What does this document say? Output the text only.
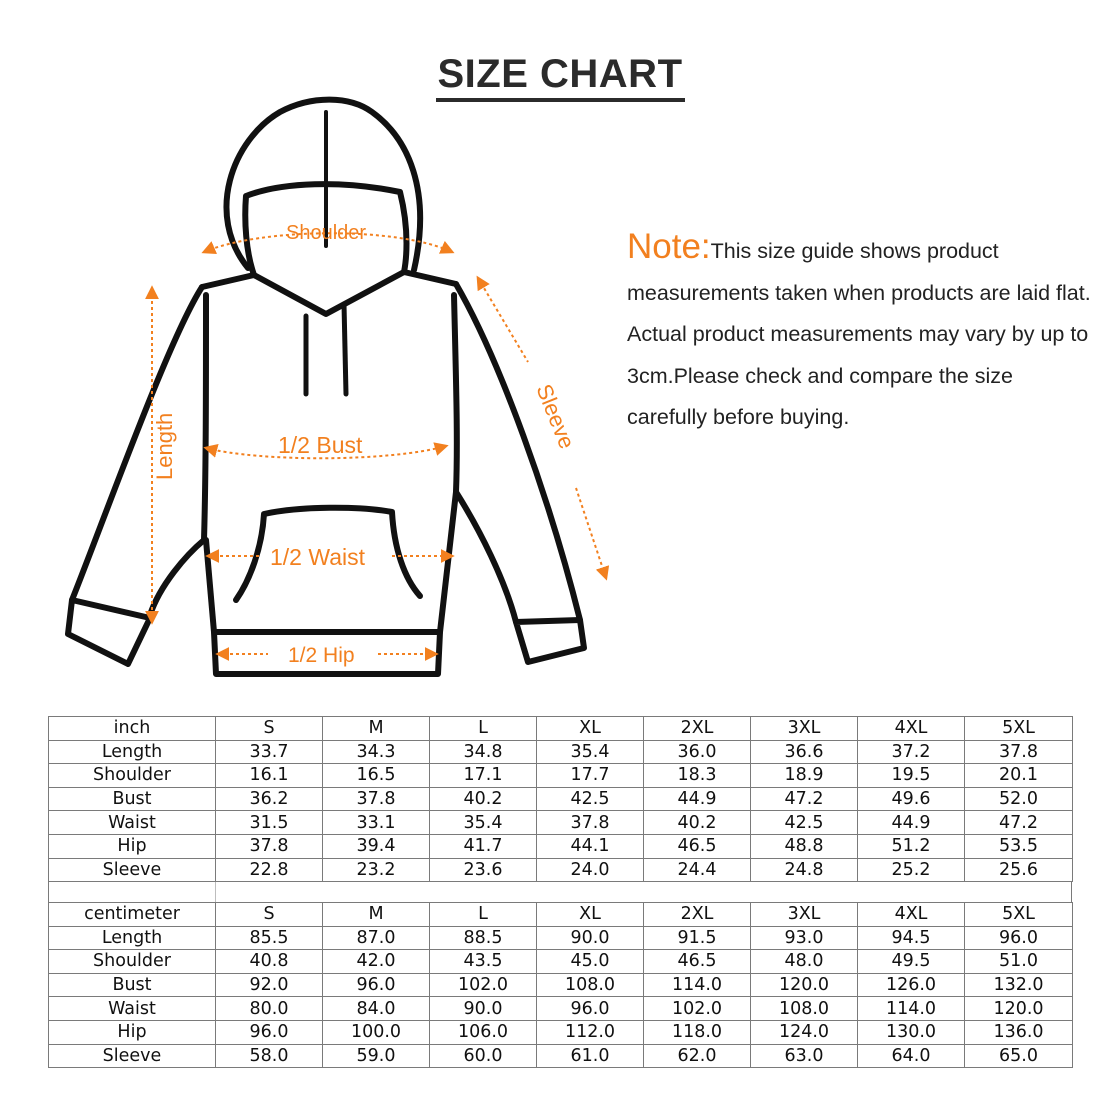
SIZE CHART
Shoulder
Length	Sleeve
1/2 Bust
1/2 Waist
1/2 Hip
Note:This size guide shows product measurements taken when products are laid flat. Actual product measurements may vary by up to 3cm.Please check and compare the size carefully before buying.
inch	S	M	L	XL	2XL	3XL	4XL	5XL
Length	33.7	34.3	34.8	35.4	36.0	36.6	37.2	37.8
Shoulder	16.1	16.5	17.1	17.7	18.3	18.9	19.5	20.1
Bust	36.2	37.8	40.2	42.5	44.9	47.2	49.6	52.0
Waist	31.5	33.1	35.4	37.8	40.2	42.5	44.9	47.2
Hip	37.8	39.4	41.7	44.1	46.5	48.8	51.2	53.5
Sleeve	22.8	23.2	23.6	24.0	24.4	24.8	25.2	25.6
centimeter	S	M	L	XL	2XL	3XL	4XL	5XL
Length	85.5	87.0	88.5	90.0	91.5	93.0	94.5	96.0
Shoulder	40.8	42.0	43.5	45.0	46.5	48.0	49.5	51.0
Bust	92.0	96.0	102.0	108.0	114.0	120.0	126.0	132.0
Waist	80.0	84.0	90.0	96.0	102.0	108.0	114.0	120.0
Hip	96.0	100.0	106.0	112.0	118.0	124.0	130.0	136.0
Sleeve	58.0	59.0	60.0	61.0	62.0	63.0	64.0	65.0
